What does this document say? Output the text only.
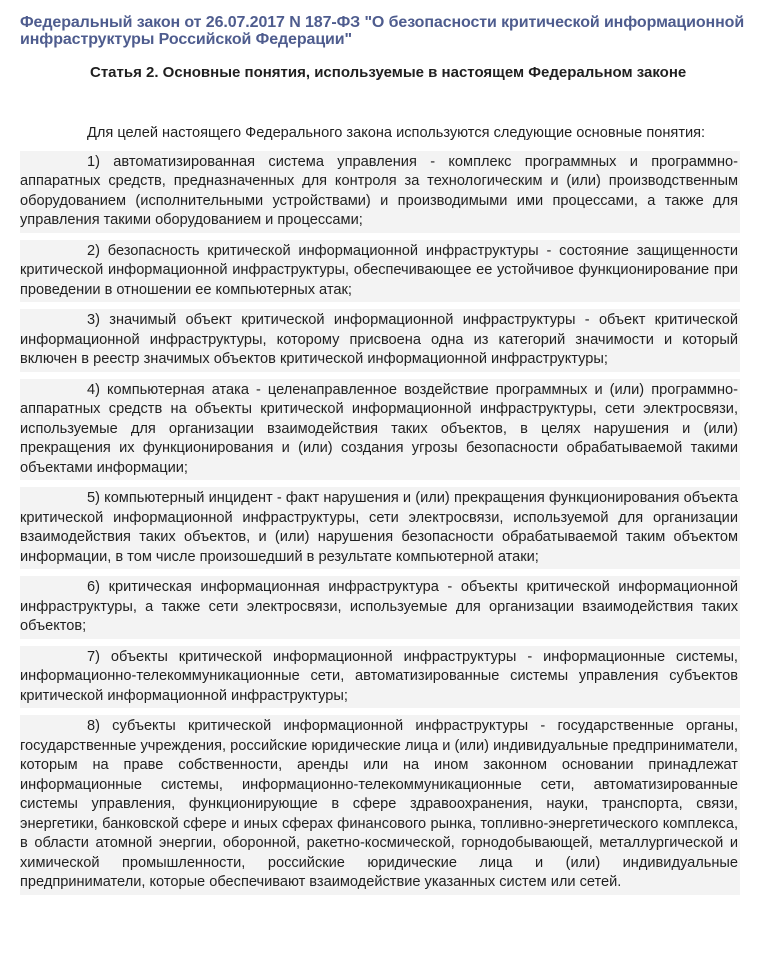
Федеральный закон от 26.07.2017 N 187-ФЗ "О безопасности критической информационной инфраструктуры Российской Федерации"
Статья 2. Основные понятия, используемые в настоящем Федеральном законе

Для целей настоящего Федерального закона используются следующие основные понятия:

1) автоматизированная система управления - комплекс программных и программно-аппаратных средств, предназначенных для контроля за технологическим и (или) производственным оборудованием (исполнительными устройствами) и производимыми ими процессами, а также для управления такими оборудованием и процессами;

2) безопасность критической информационной инфраструктуры - состояние защищенности критической информационной инфраструктуры, обеспечивающее ее устойчивое функционирование при проведении в отношении ее компьютерных атак;

3) значимый объект критической информационной инфраструктуры - объект критической информационной инфраструктуры, которому присвоена одна из категорий значимости и который включен в реестр значимых объектов критической информационной инфраструктуры;

4) компьютерная атака - целенаправленное воздействие программных и (или) программно-аппаратных средств на объекты критической информационной инфраструктуры, сети электросвязи, используемые для организации взаимодействия таких объектов, в целях нарушения и (или) прекращения их функционирования и (или) создания угрозы безопасности обрабатываемой такими объектами информации;

5) компьютерный инцидент - факт нарушения и (или) прекращения функционирования объекта критической информационной инфраструктуры, сети электросвязи, используемой для организации взаимодействия таких объектов, и (или) нарушения безопасности обрабатываемой таким объектом информации, в том числе произошедший в результате компьютерной атаки;

6) критическая информационная инфраструктура - объекты критической информационной инфраструктуры, а также сети электросвязи, используемые для организации взаимодействия таких объектов;

7) объекты критической информационной инфраструктуры - информационные системы, информационно-телекоммуникационные сети, автоматизированные системы управления субъектов критической информационной инфраструктуры;

8) субъекты критической информационной инфраструктуры - государственные органы, государственные учреждения, российские юридические лица и (или) индивидуальные предприниматели, которым на праве собственности, аренды или на ином законном основании принадлежат информационные системы, информационно-телекоммуникационные сети, автоматизированные системы управления, функционирующие в сфере здравоохранения, науки, транспорта, связи, энергетики, банковской сфере и иных сферах финансового рынка, топливно-энергетического комплекса, в области атомной энергии, оборонной, ракетно-космической, горнодобывающей, металлургической и химической промышленности, российские юридические лица и (или) индивидуальные предприниматели, которые обеспечивают взаимодействие указанных систем или сетей.
